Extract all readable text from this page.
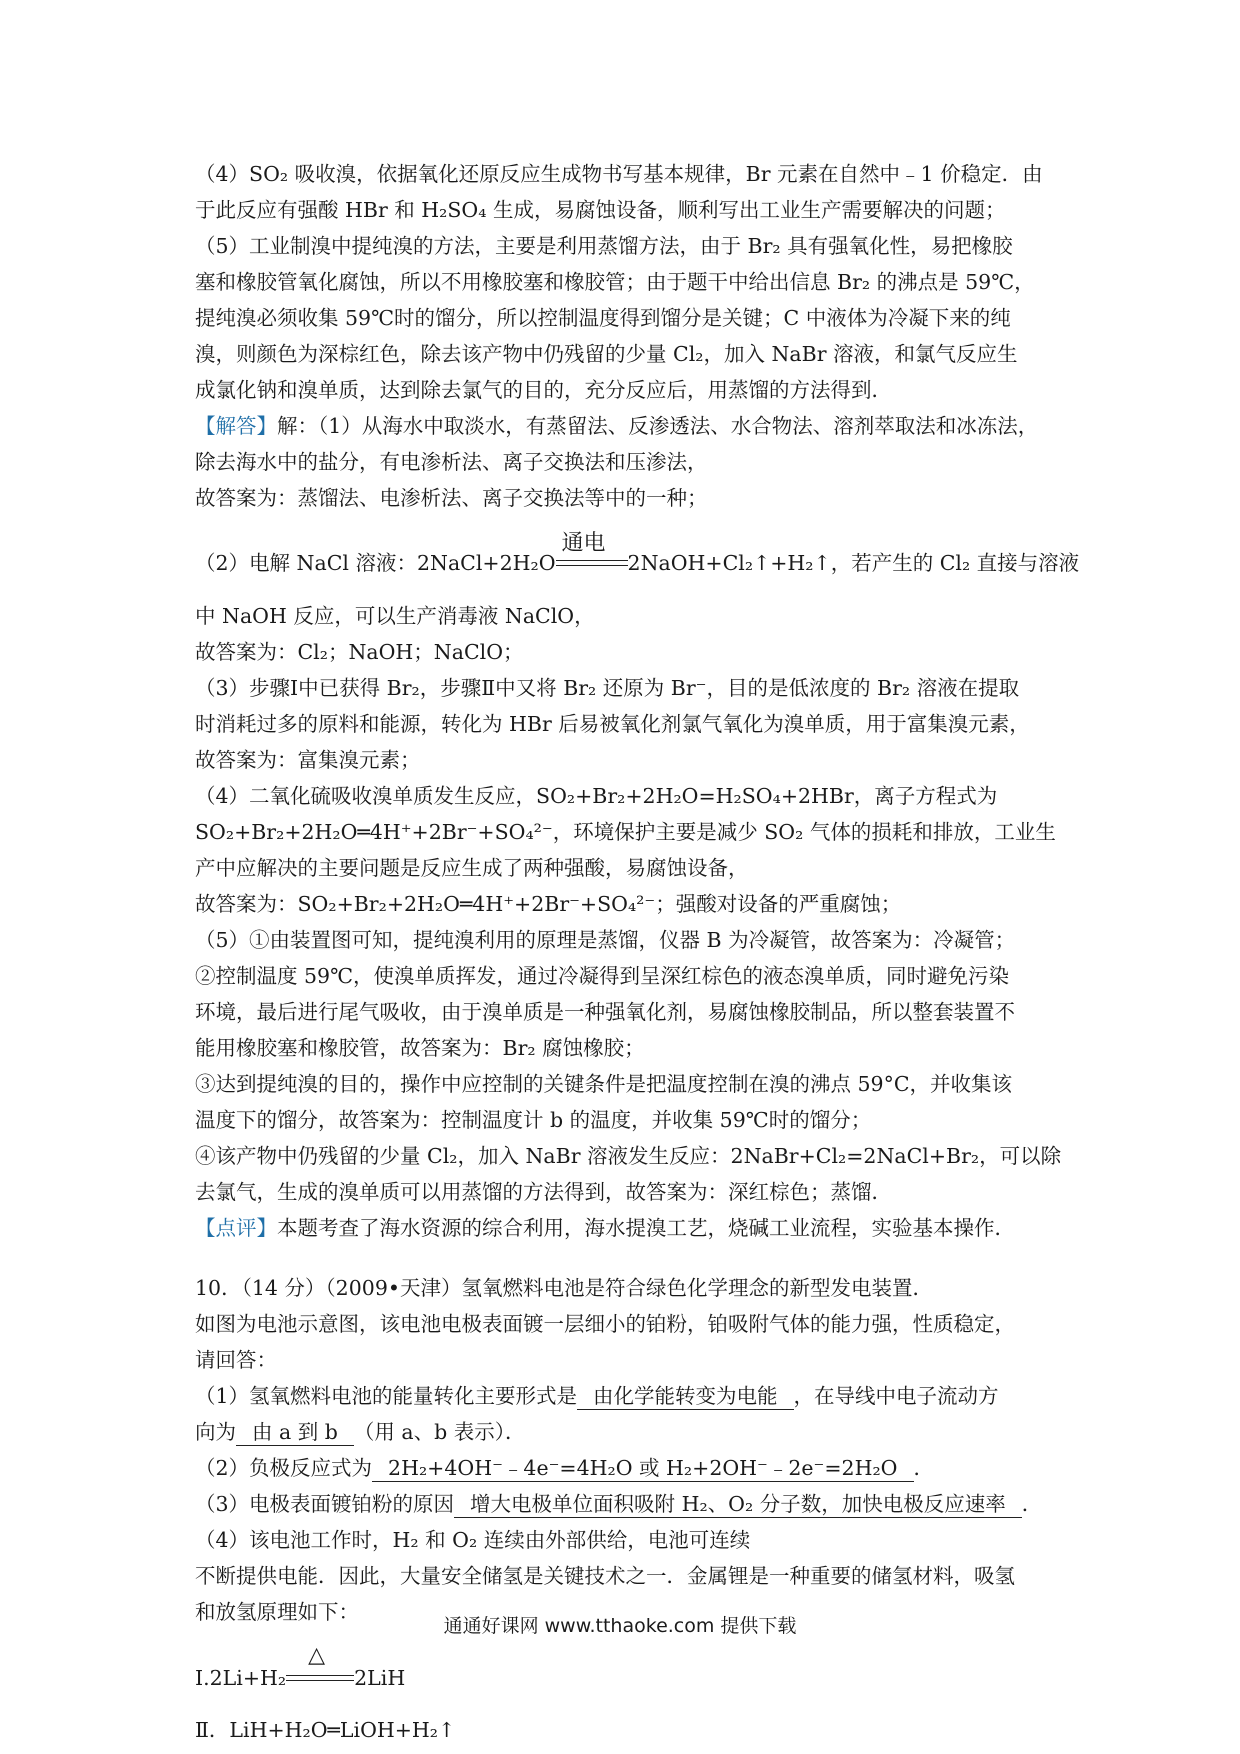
（4）SO₂ 吸收溴，依据氧化还原反应生成物书写基本规律，Br 元素在自然中﹣1 价稳定．由
于此反应有强酸 HBr 和 H₂SO₄ 生成，易腐蚀设备，顺利写出工业生产需要解决的问题；
（5）工业制溴中提纯溴的方法，主要是利用蒸馏方法，由于 Br₂ 具有强氧化性，易把橡胶
塞和橡胶管氧化腐蚀，所以不用橡胶塞和橡胶管；由于题干中给出信息 Br₂ 的沸点是 59℃，
提纯溴必须收集 59℃时的馏分，所以控制温度得到馏分是关键；C 中液体为冷凝下来的纯
溴，则颜色为深棕红色，除去该产物中仍残留的少量 Cl₂，加入 NaBr 溶液，和氯气反应生
成氯化钠和溴单质，达到除去氯气的目的，充分反应后，用蒸馏的方法得到．
【解答】解：（1）从海水中取淡水，有蒸留法、反渗透法、水合物法、溶剂萃取法和冰冻法，
除去海水中的盐分，有电渗析法、离子交换法和压渗法，
故答案为：蒸馏法、电渗析法、离子交换法等中的一种；
（2）电解 NaCl 溶液：2NaCl+2H₂O
通电
2NaOH+Cl₂↑+H₂↑，若产生的 Cl₂ 直接与溶液
中 NaOH 反应，可以生产消毒液 NaClO，
故答案为：Cl₂；NaOH；NaClO；
（3）步骤Ⅰ中已获得 Br₂，步骤Ⅱ中又将 Br₂ 还原为 Br⁻，目的是低浓度的 Br₂ 溶液在提取
时消耗过多的原料和能源，转化为 HBr 后易被氧化剂氯气氧化为溴单质，用于富集溴元素，
故答案为：富集溴元素；
（4）二氧化硫吸收溴单质发生反应，SO₂+Br₂+2H₂O=H₂SO₄+2HBr，离子方程式为
SO₂+Br₂+2H₂O═4H⁺+2Br⁻+SO₄²⁻，环境保护主要是减少 SO₂ 气体的损耗和排放，工业生
产中应解决的主要问题是反应生成了两种强酸，易腐蚀设备，
故答案为：SO₂+Br₂+2H₂O═4H⁺+2Br⁻+SO₄²⁻；强酸对设备的严重腐蚀；
（5）①由装置图可知，提纯溴利用的原理是蒸馏，仪器 B 为冷凝管，故答案为：冷凝管；
②控制温度 59℃，使溴单质挥发，通过冷凝得到呈深红棕色的液态溴单质，同时避免污染
环境，最后进行尾气吸收，由于溴单质是一种强氧化剂，易腐蚀橡胶制品，所以整套装置不
能用橡胶塞和橡胶管，故答案为：Br₂ 腐蚀橡胶；
③达到提纯溴的目的，操作中应控制的关键条件是把温度控制在溴的沸点 59°C，并收集该
温度下的馏分，故答案为：控制温度计 b 的温度，并收集 59℃时的馏分；
④该产物中仍残留的少量 Cl₂，加入 NaBr 溶液发生反应：2NaBr+Cl₂=2NaCl+Br₂，可以除
去氯气，生成的溴单质可以用蒸馏的方法得到，故答案为：深红棕色；蒸馏．
【点评】本题考查了海水资源的综合利用，海水提溴工艺，烧碱工业流程，实验基本操作．
10．（14 分）（2009•天津）氢氧燃料电池是符合绿色化学理念的新型发电装置．
如图为电池示意图，该电池电极表面镀一层细小的铂粉，铂吸附气体的能力强，性质稳定，
请回答：
（1）氢氧燃料电池的能量转化主要形式是 由化学能转变为电能 ，在导线中电子流动方
向为 由 a 到 b （用 a、b 表示）．
（2）负极反应式为 2H₂+4OH⁻﹣4e⁻=4H₂O 或 H₂+2OH⁻﹣2e⁻=2H₂O ．
（3）电极表面镀铂粉的原因 增大电极单位面积吸附 H₂、O₂ 分子数，加快电极反应速率 ．
（4）该电池工作时，H₂ 和 O₂ 连续由外部供给，电池可连续
不断提供电能．因此，大量安全储氢是关键技术之一．金属锂是一种重要的储氢材料，吸氢
和放氢原理如下：
Ⅰ.2Li+H₂
△
2LiH
Ⅱ．LiH+H₂O═LiOH+H₂↑
通通好课网 www.tthaoke.com 提供下载
